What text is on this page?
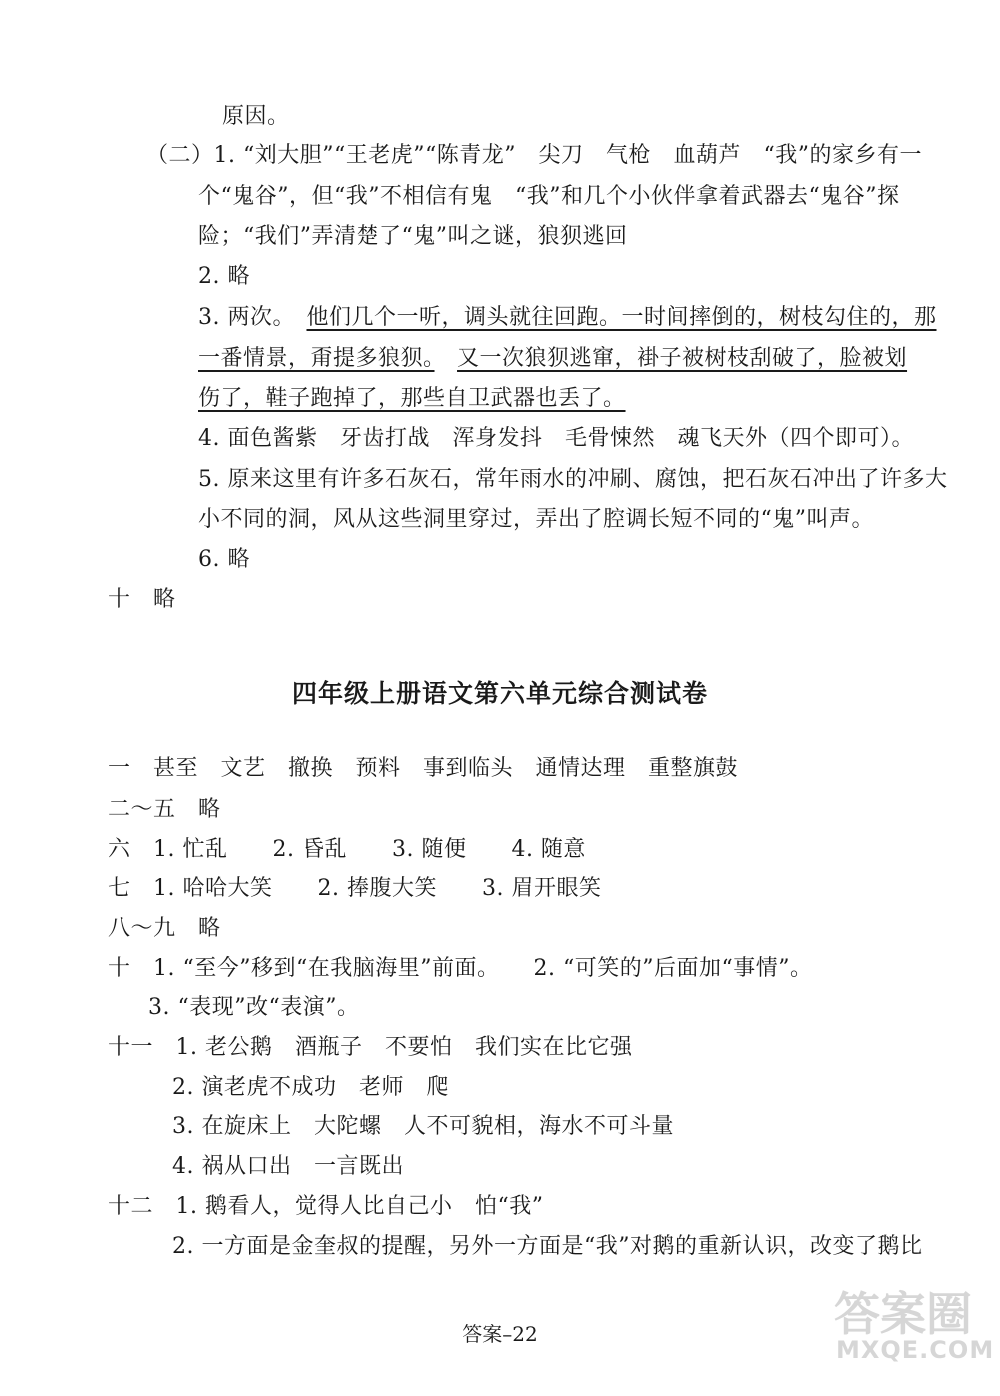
原因。
（二）1. “刘大胆”“王老虎”“陈青龙”　尖刀　气枪　血葫芦　“我”的家乡有一
个“鬼谷”，但“我”不相信有鬼　“我”和几个小伙伴拿着武器去“鬼谷”探
险；“我们”弄清楚了“鬼”叫之谜，狼狈逃回
2. 略
3. 两次。　他们几个一听，调头就往回跑。一时间摔倒的，树枝勾住的，那
一番情景，甭提多狼狈。　 又一次狼狈逃窜，褂子被树枝刮破了，脸被划
伤了，鞋子跑掉了，那些自卫武器也丢了。
4. 面色酱紫　牙齿打战　浑身发抖　毛骨悚然　魂飞天外（四个即可）。
5. 原来这里有许多石灰石，常年雨水的冲刷、腐蚀，把石灰石冲出了许多大
小不同的洞，风从这些洞里穿过，弄出了腔调长短不同的“鬼”叫声。
6. 略
十　略
四年级上册语文第六单元综合测试卷
一　甚至　文艺　撤换　预料　事到临头　通情达理　重整旗鼓
二～五　略
六　1. 忙乱　　2. 昏乱　　3. 随便　　4. 随意
七　1. 哈哈大笑　　2. 捧腹大笑　　3. 眉开眼笑
八～九　略
十　1. “至今”移到“在我脑海里”前面。　　2. “可笑的”后面加“事情”。
3. “表现”改“表演”。
十一　1. 老公鹅　酒瓶子　不要怕　我们实在比它强
2. 演老虎不成功　老师　爬
3. 在旋床上　大陀螺　人不可貌相，海水不可斗量
4. 祸从口出　一言既出
十二　1. 鹅看人，觉得人比自己小　怕“我”
2. 一方面是金奎叔的提醒，另外一方面是“我”对鹅的重新认识，改变了鹅比
答案–22	答案圈
MXQE.COM
